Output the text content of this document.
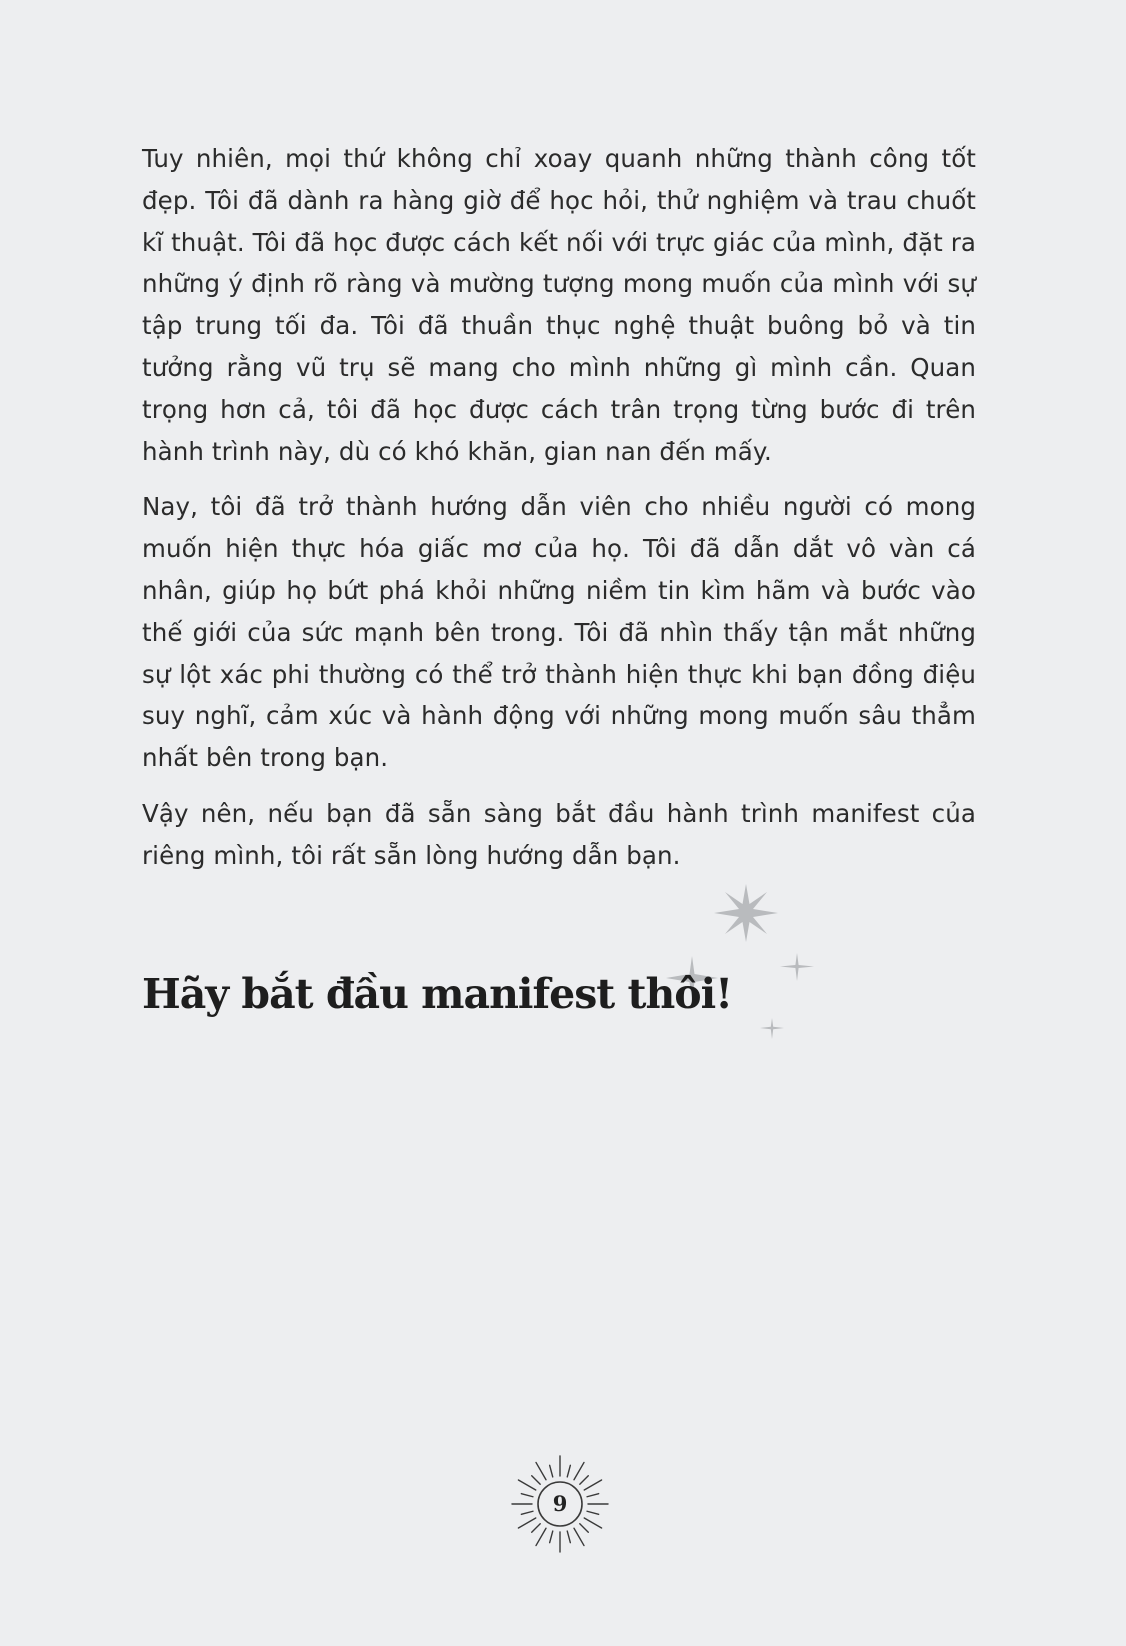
Tuy nhiên, mọi thứ không chỉ xoay quanh những thành công tốt đẹp. Tôi đã dành ra hàng giờ để học hỏi, thử nghiệm và trau chuốt kĩ thuật. Tôi đã học được cách kết nối với trực giác của mình, đặt ra những ý định rõ ràng và mường tượng mong muốn của mình với sự tập trung tối đa. Tôi đã thuần thục nghệ thuật buông bỏ và tin tưởng rằng vũ trụ sẽ mang cho mình những gì mình cần. Quan trọng hơn cả, tôi đã học được cách trân trọng từng bước đi trên hành trình này, dù có khó khăn, gian nan đến mấy.

Nay, tôi đã trở thành hướng dẫn viên cho nhiều người có mong muốn hiện thực hóa giấc mơ của họ. Tôi đã dẫn dắt vô vàn cá nhân, giúp họ bứt phá khỏi những niềm tin kìm hãm và bước vào thế giới của sức mạnh bên trong. Tôi đã nhìn thấy tận mắt những sự lột xác phi thường có thể trở thành hiện thực khi bạn đồng điệu suy nghĩ, cảm xúc và hành động với những mong muốn sâu thẳm nhất bên trong bạn.

Vậy nên, nếu bạn đã sẵn sàng bắt đầu hành trình manifest của riêng mình, tôi rất sẵn lòng hướng dẫn bạn.

Hãy bắt đầu manifest thôi!
9
